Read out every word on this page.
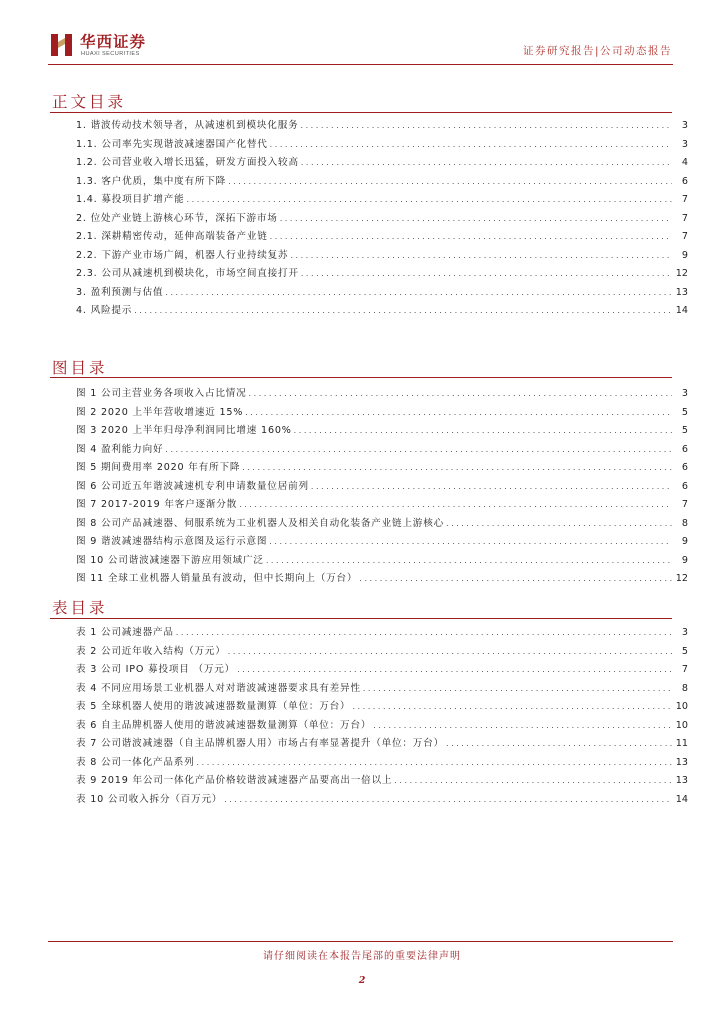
华西证券
HUAXI SECURITIES	证券研究报告|公司动态报告
正文目录
1. 谐波传动技术领导者，从减速机到模块化服务 . . .	3
1.1. 公司率先实现谐波减速器国产化替代 . . .	3
1.2. 公司营业收入增长迅猛，研发方面投入较高 . . .	4
1.3. 客户优质，集中度有所下降 . . .	6
1.4. 募投项目扩增产能 . . .	7
2. 位处产业链上游核心环节，深拓下游市场 . . .	7
2.1. 深耕精密传动，延伸高端装备产业链 . . .	7
2.2. 下游产业市场广阔，机器人行业持续复苏 . . .	9
2.3. 公司从减速机到模块化，市场空间直接打开 . . .	12
3. 盈利预测与估值 . . .	13
4. 风险提示 . . .	14
图目录
图 1 公司主营业务各项收入占比情况 . . .	3
图 2 2020 上半年营收增速近 15% . . .	5
图 3 2020 上半年归母净利润同比增速 160% . . .	5
图 4 盈利能力向好 . . .	6
图 5 期间费用率 2020 年有所下降 . . .	6
图 6 公司近五年谐波减速机专利申请数量位居前列 . . .	6
图 7 2017-2019 年客户逐渐分散 . . .	7
图 8 公司产品减速器、伺服系统为工业机器人及相关自动化装备产业链上游核心 . . .	8
图 9 谐波减速器结构示意图及运行示意图 . . .	9
图 10 公司谐波减速器下游应用领域广泛 . . .	9
图 11 全球工业机器人销量虽有波动，但中长期向上（万台） . . .	12
表目录
表 1 公司减速器产品 . . .	3
表 2 公司近年收入结构（万元） . . .	5
表 3 公司 IPO 募投项目 （万元） . . .	7
表 4 不同应用场景工业机器人对对谐波减速器要求具有差异性 . . .	8
表 5 全球机器人使用的谐波减速器数量测算（单位：万台） . . .	10
表 6 自主品牌机器人使用的谐波减速器数量测算（单位：万台） . . .	10
表 7 公司谐波减速器（自主品牌机器人用）市场占有率显著提升（单位：万台） . . .	11
表 8 公司一体化产品系列 . . .	13
表 9 2019 年公司一体化产品价格较谐波减速器产品要高出一倍以上 . . .	13
表 10 公司收入拆分（百万元） . . .	14
请仔细阅读在本报告尾部的重要法律声明
2
